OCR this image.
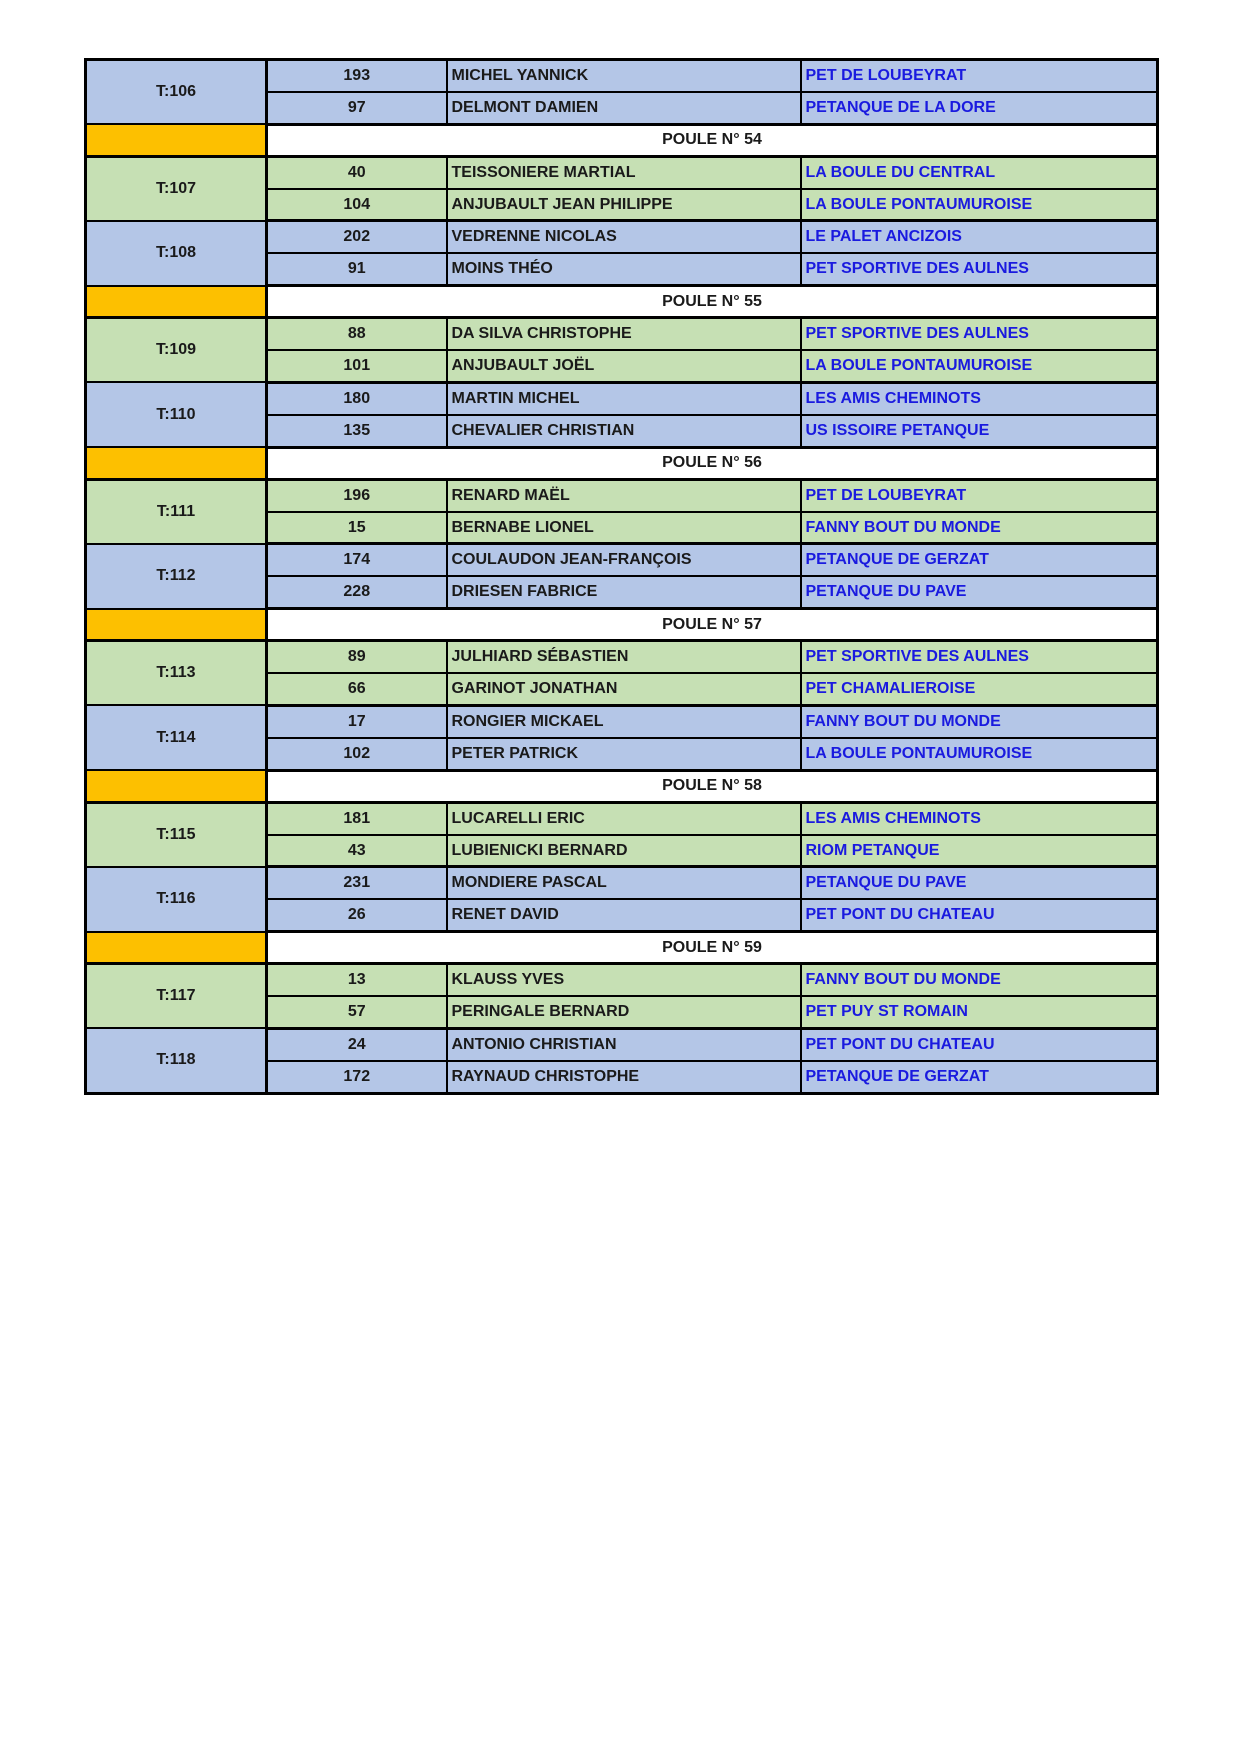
T:106	193	MICHEL YANNICK	PET DE LOUBEYRAT
	97	DELMONT DAMIEN	PETANQUE DE LA DORE
	POULE N° 54		
T:107	40	TEISSONIERE MARTIAL	LA BOULE DU CENTRAL
	104	ANJUBAULT JEAN PHILIPPE	LA BOULE PONTAUMUROISE
T:108	202	VEDRENNE NICOLAS	LE PALET ANCIZOIS
	91	MOINS THÉO	PET SPORTIVE DES AULNES
	POULE N° 55		
T:109	88	DA SILVA CHRISTOPHE	PET SPORTIVE DES AULNES
	101	ANJUBAULT JOËL	LA BOULE PONTAUMUROISE
T:110	180	MARTIN MICHEL	LES AMIS CHEMINOTS
	135	CHEVALIER CHRISTIAN	US ISSOIRE PETANQUE
	POULE N° 56		
T:111	196	RENARD MAËL	PET DE LOUBEYRAT
	15	BERNABE LIONEL	FANNY BOUT DU MONDE
T:112	174	COULAUDON JEAN-FRANÇOIS	PETANQUE DE GERZAT
	228	DRIESEN FABRICE	PETANQUE DU PAVE
	POULE N° 57		
T:113	89	JULHIARD SÉBASTIEN	PET SPORTIVE DES AULNES
	66	GARINOT JONATHAN	PET CHAMALIEROISE
T:114	17	RONGIER MICKAEL	FANNY BOUT DU MONDE
	102	PETER PATRICK	LA BOULE PONTAUMUROISE
	POULE N° 58		
T:115	181	LUCARELLI ERIC	LES AMIS CHEMINOTS
	43	LUBIENICKI BERNARD	RIOM PETANQUE
T:116	231	MONDIERE PASCAL	PETANQUE DU PAVE
	26	RENET DAVID	PET PONT DU CHATEAU
	POULE N° 59		
T:117	13	KLAUSS YVES	FANNY BOUT DU MONDE
	57	PERINGALE BERNARD	PET PUY ST ROMAIN
T:118	24	ANTONIO CHRISTIAN	PET PONT DU CHATEAU
	172	RAYNAUD CHRISTOPHE	PETANQUE DE GERZAT
